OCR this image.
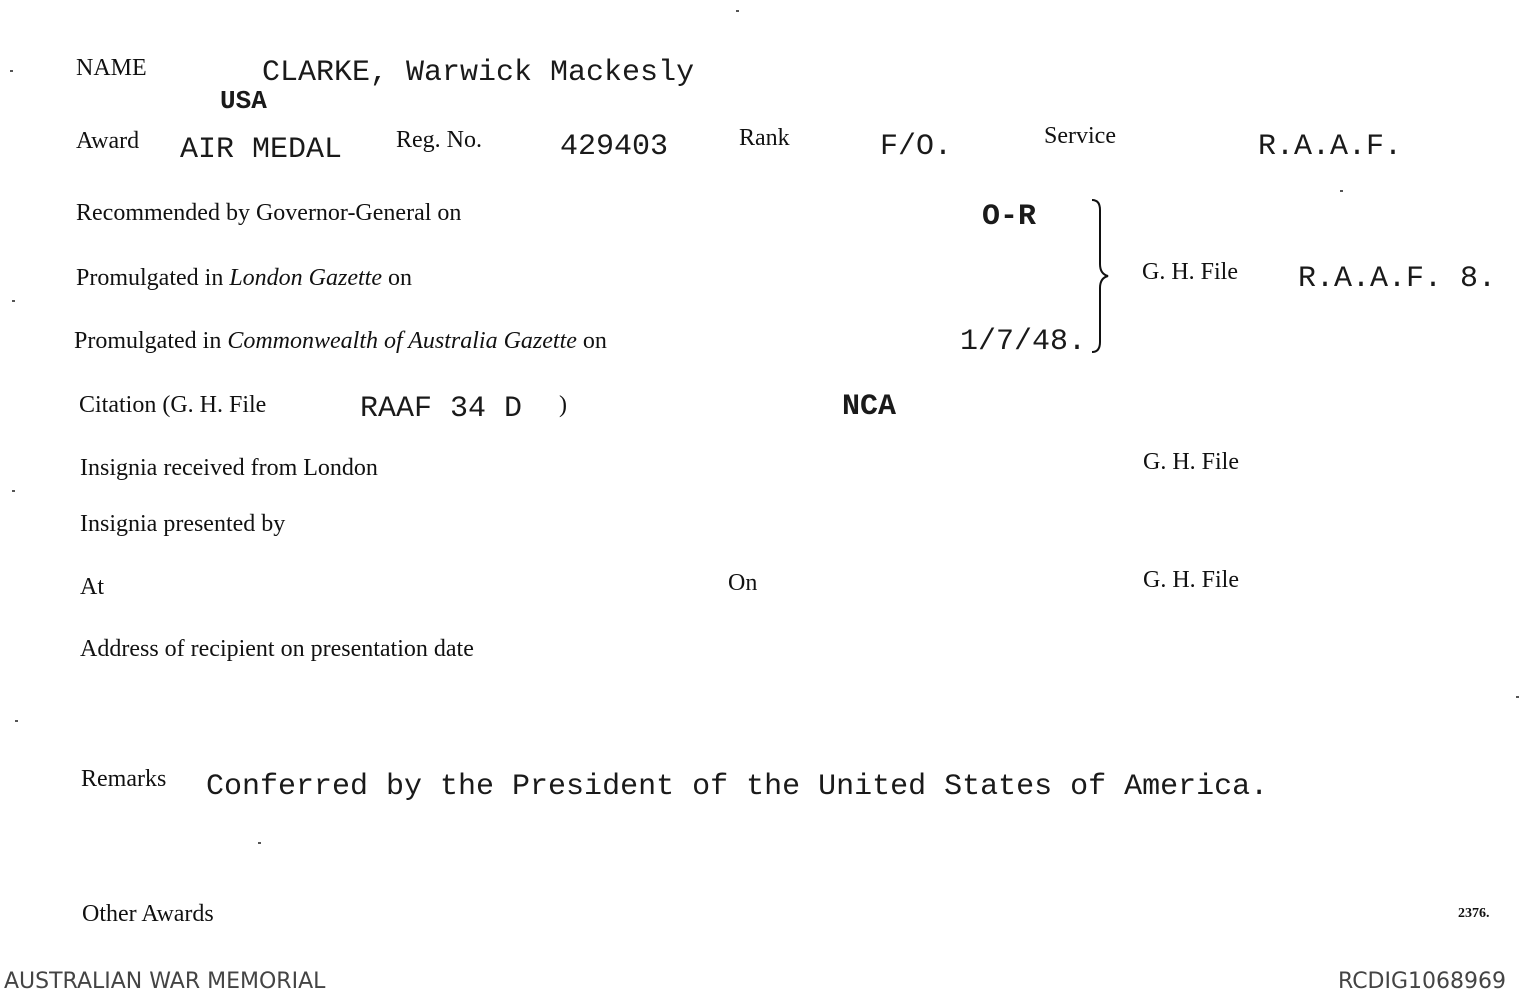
NAME	CLARKE, Warwick Mackesly
USA
Award AIR MEDAL Reg. No.	429403	Rank	F/O.	Service	R.A.A.F.
Recommended by Governor-General on	O-R
Promulgated in London Gazette on
Promulgated in Commonwealth of Australia Gazette on	1/7/48.
G. H. File R.A.A.F. 8.
Citation (G. H. File	RAAF 34 D )	NCA
Insignia received from London	G. H. File
Insignia presented by
At	On	G. H. File
Address of recipient on presentation date
Remarks Conferred by the President of the United States of America.
Other Awards	2376.
AUSTRALIAN WAR MEMORIAL	RCDIG1068969
